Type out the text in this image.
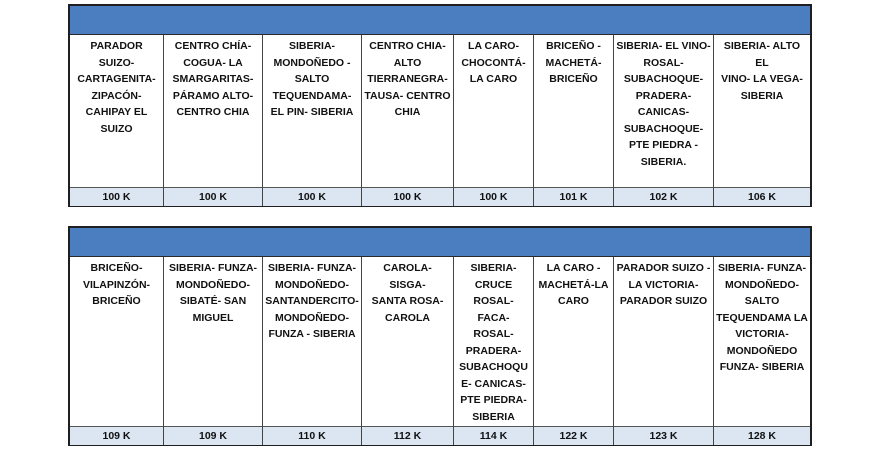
PARADOR
SUIZO-
CARTAGENITA-
ZIPACÓN-
CAHIPAY EL
SUIZO
100 K
CENTRO CHÍA-
COGUA- LA
SMARGARITAS-
PÁRAMO ALTO-
CENTRO CHIA
100 K
SIBERIA-
MONDOÑEDO -
SALTO
TEQUENDAMA-
EL PIN- SIBERIA
100 K
CENTRO CHIA-
ALTO
TIERRANEGRA-
TAUSA- CENTRO
CHIA
100 K
LA CARO-
CHOCONTÁ-
LA CARO
100 K
BRICEÑO -
MACHETÁ-
BRICEÑO
101 K
SIBERIA- EL VINO-
ROSAL-
SUBACHOQUE-
PRADERA-
CANICAS-
SUBACHOQUE-
PTE PIEDRA -
SIBERIA.
102 K
SIBERIA- ALTO EL
VINO- LA VEGA-
SIBERIA
106 K
BRICEÑO-
VILAPINZÓN-
BRICEÑO
109 K
SIBERIA- FUNZA-
MONDOÑEDO-
SIBATÉ- SAN
MIGUEL
109 K
SIBERIA- FUNZA-
MONDOÑEDO-
SANTANDERCITO-
MONDOÑEDO-
FUNZA - SIBERIA
110 K
CAROLA- SISGA-
SANTA ROSA-
CAROLA
112 K
SIBERIA-
CRUCE ROSAL-
FACA- ROSAL-
PRADERA-
SUBACHOQU
E- CANICAS-
PTE PIEDRA-
SIBERIA
114 K
LA CARO -
MACHETÁ-LA
CARO
122 K
PARADOR SUIZO -
LA VICTORIA-
PARADOR SUIZO
123 K
SIBERIA- FUNZA-
MONDOÑEDO-
SALTO
TEQUENDAMA LA
VICTORIA-
MONDOÑEDO
FUNZA- SIBERIA
128 K
